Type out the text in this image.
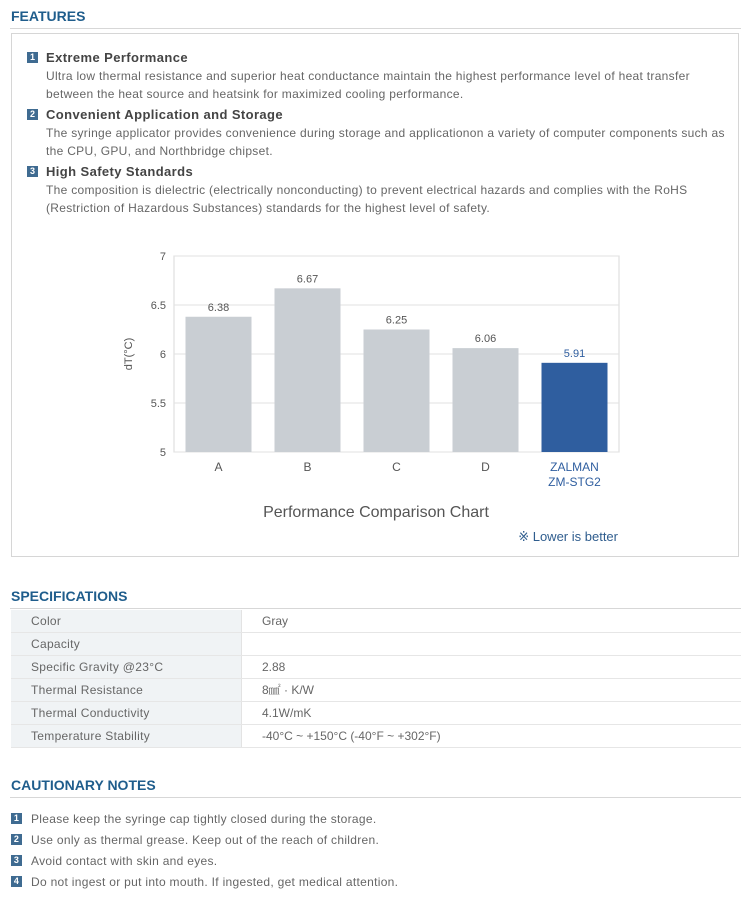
FEATURES
1 Extreme Performance

Ultra low thermal resistance and superior heat conductance maintain the highest performance level of heat transfer between the heat source and heatsink for maximized cooling performance.

2 Convenient Application and Storage

The syringe applicator provides convenience during storage and applicationon a variety of computer components such as the CPU, GPU, and Northbridge chipset.

3 High Safety Standards

The composition is dielectric (electrically nonconducting) to prevent electrical hazards and complies with the RoHS (Restriction of Hazardous Substances) standards for the highest level of safety.

7
6.5
6
5.5
5
dT(°C)
6.38
A
6.67
B
6.25
C
6.06
D
5.91
ZALMAN
ZM-STG2
Performance Comparison Chart
※ Lower is better
SPECIFICATIONS
Color	Gray
Capacity
Specific Gravity @23°C	2.88
Thermal Resistance	8㎟ · K/W
Thermal Conductivity	4.1W/mK
Temperature Stability	-40°C ~ +150°C (-40°F ~ +302°F)
CAUTIONARY NOTES
1 Please keep the syringe cap tightly closed during the storage.
2 Use only as thermal grease. Keep out of the reach of children.
3 Avoid contact with skin and eyes.
4 Do not ingest or put into mouth. If ingested, get medical attention.
